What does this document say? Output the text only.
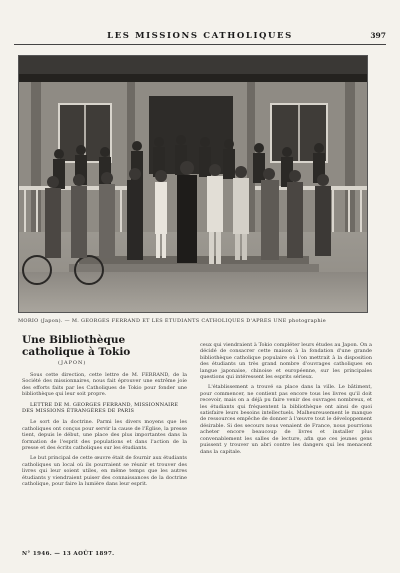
LES MISSIONS CATHOLIQUES	397
MORIO (Japon). — M. GEORGES FERRAND ET LES ÉTUDIANTS CATHOLIQUES D'APRÈS UNE photographie
Une Bibliothèque catholique à Tokio
(JAPON)

Sous cette direction, cette lettre de M. FERRAND, de la Société des missionnaires, nous fait éprouver une extrême joie des efforts faits par les Catholiques de Tokio pour fonder une bibliothèque qui leur soit propre.

LETTRE DE M. GEORGES FERRAND, MISSIONNAIRE DES MISSIONS ÉTRANGÈRES DE PARIS

Le sort de la doctrine. Parmi les divers moyens que les catholiques ont conçus pour servir la cause de l'Église, la presse tient, depuis le début, une place des plus importantes dans la formation de l'esprit des populations et dans l'action de la presse et des écrits catholiques sur les étudiants.

Le but principal de cette œuvre était de fournir aux étudiants catholiques un local où ils pourraient se réunir et trouver des livres qui leur soient utiles, en même temps que les autres étudiants y viendraient puiser des connaissances de la doctrine catholique, pour faire la lumière dans leur esprit.

ceux qui viendraient à Tokio compléter leurs études au Japon. On a décidé de consacrer cette maison à la fondation d'une grande bibliothèque catholique populaire où l'on mettrait à la disposition des étudiants un très grand nombre d'ouvrages catholiques en langue japonaise, chinoise et européenne, sur les principales questions qui intéressent les esprits sérieux.

L'établissement a trouvé sa place dans la ville. Le bâtiment, pour commencer, ne contient pas encore tous les livres qu'il doit recevoir, mais on a déjà pu faire venir des ouvrages nombreux, et les étudiants qui fréquentent la bibliothèque ont ainsi de quoi satisfaire leurs besoins intellectuels. Malheureusement le manque de ressources empêche de donner à l'œuvre tout le développement désirable. Si des secours nous venaient de France, nous pourrions acheter encore beaucoup de livres et installer plus convenablement les salles de lecture, afin que ces jeunes gens puissent y trouver un abri contre les dangers qui les menacent dans la capitale.

N° 1946. — 13 AOÛT 1897.
